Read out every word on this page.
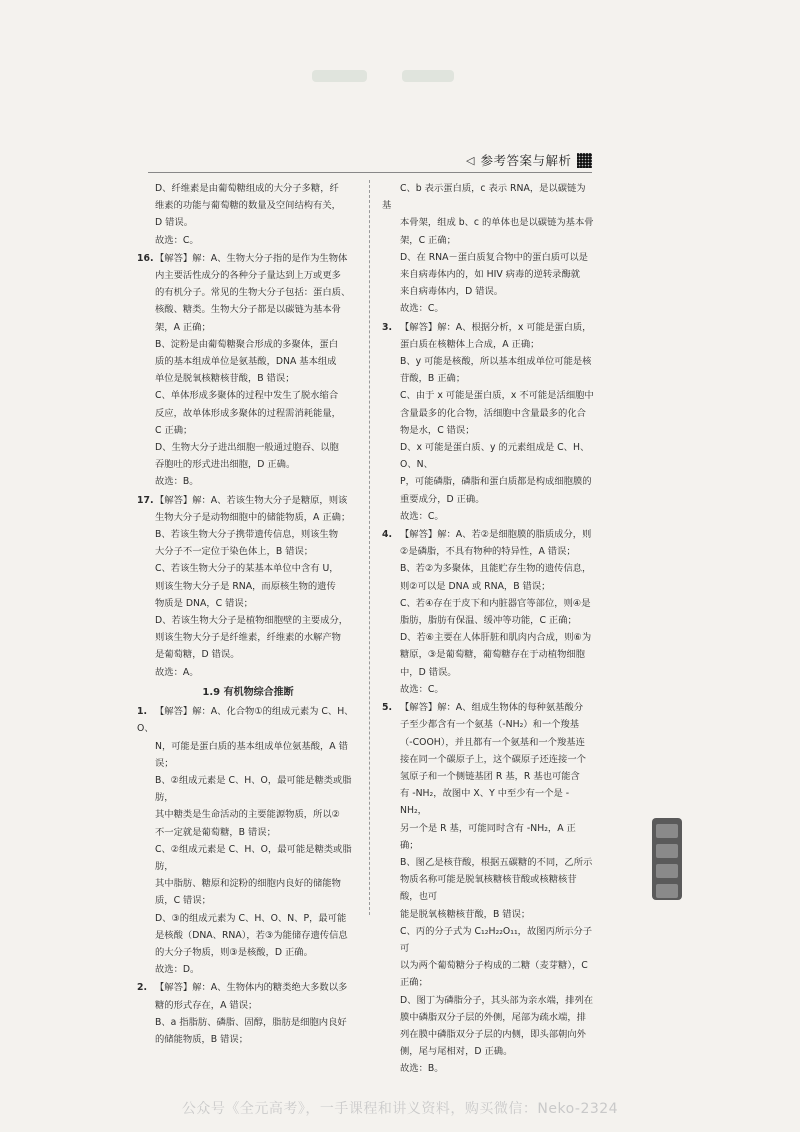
◁ 参考答案与解析
D、纤维素是由葡萄糖组成的大分子多糖，纤
维素的功能与葡萄糖的数量及空间结构有关，
D 错误。
故选：C。
16. 【解答】解：A、生物大分子指的是作为生物体
内主要活性成分的各种分子量达到上万或更多
的有机分子。常见的生物大分子包括：蛋白质、
核酸、糖类。生物大分子都是以碳链为基本骨
架，A 正确；
B、淀粉是由葡萄糖聚合形成的多聚体，蛋白
质的基本组成单位是氨基酸，DNA 基本组成
单位是脱氧核糖核苷酸，B 错误；
C、单体形成多聚体的过程中发生了脱水缩合
反应，故单体形成多聚体的过程需消耗能量，
C 正确；
D、生物大分子进出细胞一般通过胞吞、以胞
吞胞吐的形式进出细胞，D 正确。
故选：B。
17. 【解答】解：A、若该生物大分子是糖原，则该
生物大分子是动物细胞中的储能物质，A 正确；
B、若该生物大分子携带遗传信息，则该生物
大分子不一定位于染色体上，B 错误；
C、若该生物大分子的某基本单位中含有 U，
则该生物大分子是 RNA，而原核生物的遗传
物质是 DNA，C 错误；
D、若该生物大分子是植物细胞壁的主要成分，
则该生物大分子是纤维素，纤维素的水解产物
是葡萄糖，D 错误。
故选：A。
1.9 有机物综合推断
1. 【解答】解：A、化合物①的组成元素为 C、H、O、
N，可能是蛋白质的基本组成单位氨基酸，A 错误；
B、②组成元素是 C、H、O，最可能是糖类或脂肪，
其中糖类是生命活动的主要能源物质，所以②
不一定就是葡萄糖，B 错误；
C、②组成元素是 C、H、O，最可能是糖类或脂肪，
其中脂肪、糖原和淀粉的细胞内良好的储能物
质，C 错误；
D、③的组成元素为 C、H、O、N、P，最可能
是核酸（DNA、RNA），若③为能储存遗传信息
的大分子物质，则③是核酸，D 正确。
故选：D。
2. 【解答】解：A、生物体内的糖类绝大多数以多
糖的形式存在，A 错误；
B、a 指脂肪、磷脂、固醇，脂肪是细胞内良好
的储能物质，B 错误；
C、b 表示蛋白质，c 表示 RNA，是以碳链为基
本骨架，组成 b、c 的单体也是以碳链为基本骨
架，C 正确；
D、在 RNA－蛋白质复合物中的蛋白质可以是
来自病毒体内的，如 HIV 病毒的逆转录酶就
来自病毒体内，D 错误。
故选：C。
3. 【解答】解：A、根据分析，x 可能是蛋白质，
蛋白质在核糖体上合成，A 正确；
B、y 可能是核酸，所以基本组成单位可能是核
苷酸，B 正确；
C、由于 x 可能是蛋白质，x 不可能是活细胞中
含量最多的化合物，活细胞中含量最多的化合
物是水，C 错误；
D、x 可能是蛋白质、y 的元素组成是 C、H、O、N、
P，可能磷脂，磷脂和蛋白质都是构成细胞膜的
重要成分，D 正确。
故选：C。
4. 【解答】解：A、若②是细胞膜的脂质成分，则
②是磷脂，不具有物种的特异性，A 错误；
B、若②为多聚体，且能贮存生物的遗传信息，
则②可以是 DNA 或 RNA，B 错误；
C、若④存在于皮下和内脏器官等部位，则④是
脂肪，脂肪有保温、缓冲等功能，C 正确；
D、若⑥主要在人体肝脏和肌肉内合成，则⑥为
糖原，③是葡萄糖，葡萄糖存在于动植物细胞
中，D 错误。
故选：C。
5. 【解答】解：A、组成生物体的每种氨基酸分
子至少都含有一个氨基（-NH₂）和一个羧基
（-COOH），并且都有一个氨基和一个羧基连
接在同一个碳原子上，这个碳原子还连接一个
氢原子和一个侧链基团 R 基，R 基也可能含
有 -NH₂，故图中 X、Y 中至少有一个是 -NH₂，
另一个是 R 基，可能同时含有 -NH₂，A 正确；
B、图乙是核苷酸，根据五碳糖的不同，乙所示
物质名称可能是脱氧核糖核苷酸或核糖核苷酸，也可
能是脱氧核糖核苷酸，B 错误；
C、丙的分子式为 C₁₂H₂₂O₁₁，故图丙所示分子可
以为两个葡萄糖分子构成的二糖（麦芽糖），C
正确；
D、图丁为磷脂分子，其头部为亲水端，排列在
膜中磷脂双分子层的外侧，尾部为疏水端，排
列在膜中磷脂双分子层的内侧，即头部朝向外
侧，尾与尾相对，D 正确。
故选：B。
公众号《全元高考》，一手课程和讲义资料，购买微信：Neko-2324
